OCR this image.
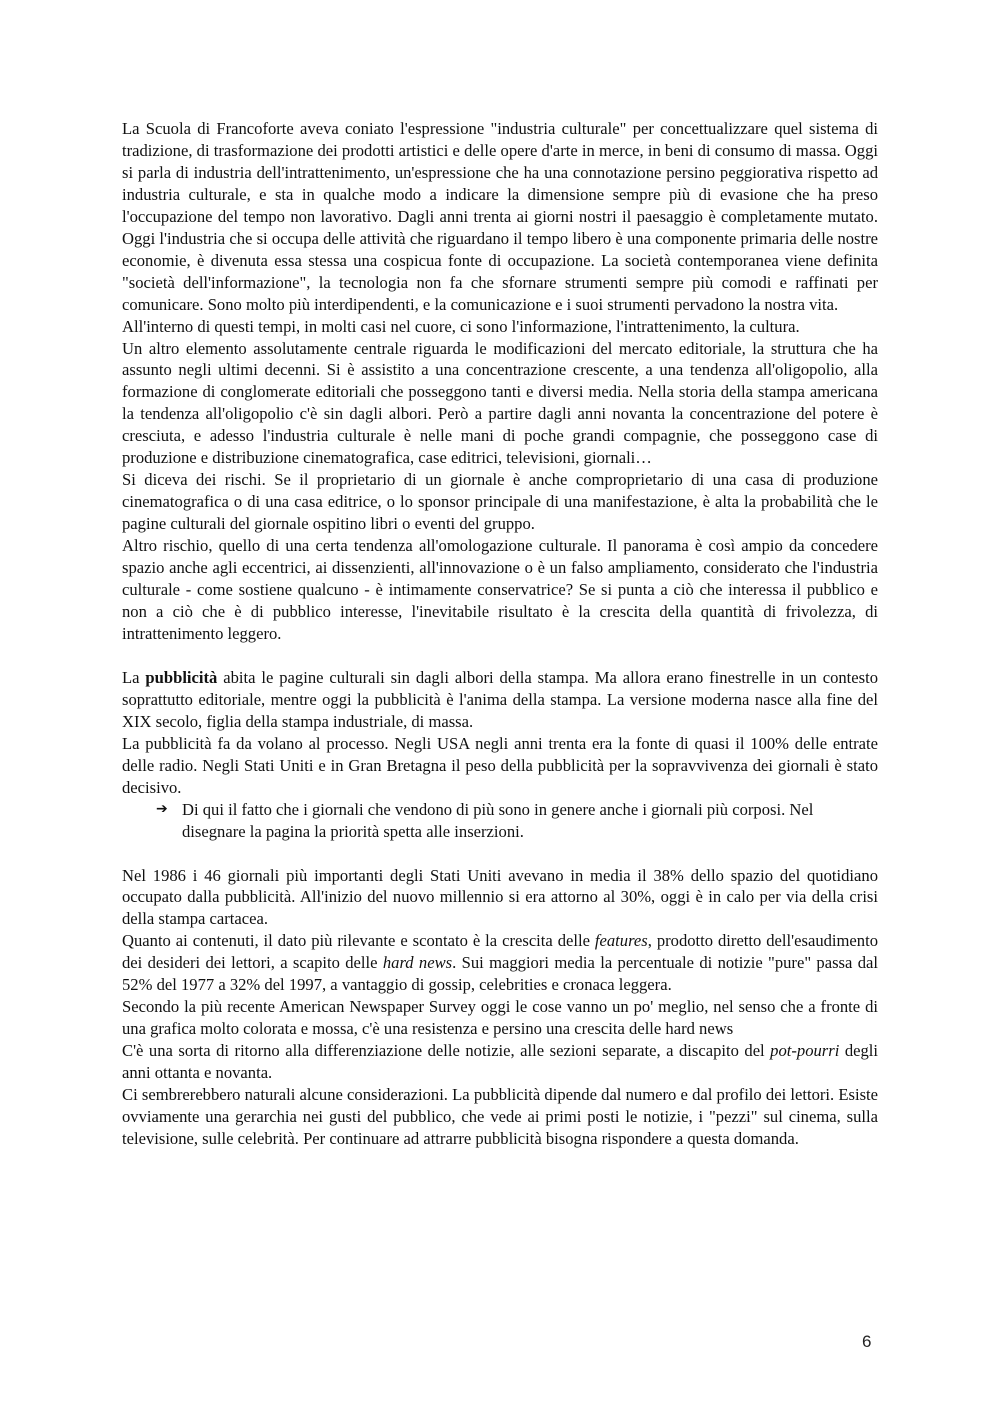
La Scuola di Francoforte aveva coniato l'espressione "industria culturale" per concettualizzare quel sistema di tradizione, di trasformazione dei prodotti artistici e delle opere d'arte in merce, in beni di consumo di massa. Oggi si parla di industria dell'intrattenimento, un'espressione che ha una connotazione persino peggiorativa rispetto ad industria culturale, e sta in qualche modo a indicare la dimensione sempre più di evasione che ha preso l'occupazione del tempo non lavorativo. Dagli anni trenta ai giorni nostri il paesaggio è completamente mutato. Oggi l'industria che si occupa delle attività che riguardano il tempo libero è una componente primaria delle nostre economie, è divenuta essa stessa una cospicua fonte di occupazione. La società contemporanea viene definita "società dell'informazione", la tecnologia non fa che sfornare strumenti sempre più comodi e raffinati per comunicare. Sono molto più interdipendenti, e la comunicazione e i suoi strumenti pervadono la nostra vita.

All'interno di questi tempi, in molti casi nel cuore, ci sono l'informazione, l'intrattenimento, la cultura.

Un altro elemento assolutamente centrale riguarda le modificazioni del mercato editoriale, la struttura che ha assunto negli ultimi decenni. Si è assistito a una concentrazione crescente, a una tendenza all'oligopolio, alla formazione di conglomerate editoriali che posseggono tanti e diversi media. Nella storia della stampa americana la tendenza all'oligopolio c'è sin dagli albori. Però a partire dagli anni novanta la concentrazione del potere è cresciuta, e adesso l'industria culturale è nelle mani di poche grandi compagnie, che posseggono case di produzione e distribuzione cinematografica, case editrici, televisioni, giornali…

Si diceva dei rischi. Se il proprietario di un giornale è anche comproprietario di una casa di produzione cinematografica o di una casa editrice, o lo sponsor principale di una manifestazione, è alta la probabilità che le pagine culturali del giornale ospitino libri o eventi del gruppo.

Altro rischio, quello di una certa tendenza all'omologazione culturale. Il panorama è così ampio da concedere spazio anche agli eccentrici, ai dissenzienti, all'innovazione o è un falso ampliamento, considerato che l'industria culturale - come sostiene qualcuno - è intimamente conservatrice? Se si punta a ciò che interessa il pubblico e non a ciò che è di pubblico interesse, l'inevitabile risultato è la crescita della quantità di frivolezza, di intrattenimento leggero.

La pubblicità abita le pagine culturali sin dagli albori della stampa. Ma allora erano finestrelle in un contesto soprattutto editoriale, mentre oggi la pubblicità è l'anima della stampa. La versione moderna nasce alla fine del XIX secolo, figlia della stampa industriale, di massa.

La pubblicità fa da volano al processo. Negli USA negli anni trenta era la fonte di quasi il 100% delle entrate delle radio. Negli Stati Uniti e in Gran Bretagna il peso della pubblicità per la sopravvivenza dei giornali è stato decisivo.

➔ Di qui il fatto che i giornali che vendono di più sono in genere anche i giornali più corposi. Nel disegnare la pagina la priorità spetta alle inserzioni.

Nel 1986 i 46 giornali più importanti degli Stati Uniti avevano in media il 38% dello spazio del quotidiano occupato dalla pubblicità. All'inizio del nuovo millennio si era attorno al 30%, oggi è in calo per via della crisi della stampa cartacea.

Quanto ai contenuti, il dato più rilevante e scontato è la crescita delle features, prodotto diretto dell'esaudimento dei desideri dei lettori, a scapito delle hard news. Sui maggiori media la percentuale di notizie "pure" passa dal 52% del 1977 a 32% del 1997, a vantaggio di gossip, celebrities e cronaca leggera.

Secondo la più recente American Newspaper Survey oggi le cose vanno un po' meglio, nel senso che a fronte di una grafica molto colorata e mossa, c'è una resistenza e persino una crescita delle hard news

C'è una sorta di ritorno alla differenziazione delle notizie, alle sezioni separate, a discapito del pot-pourri degli anni ottanta e novanta.

Ci sembrerebbero naturali alcune considerazioni. La pubblicità dipende dal numero e dal profilo dei lettori. Esiste ovviamente una gerarchia nei gusti del pubblico, che vede ai primi posti le notizie, i "pezzi" sul cinema, sulla televisione, sulle celebrità. Per continuare ad attrarre pubblicità bisogna rispondere a questa domanda.

6
